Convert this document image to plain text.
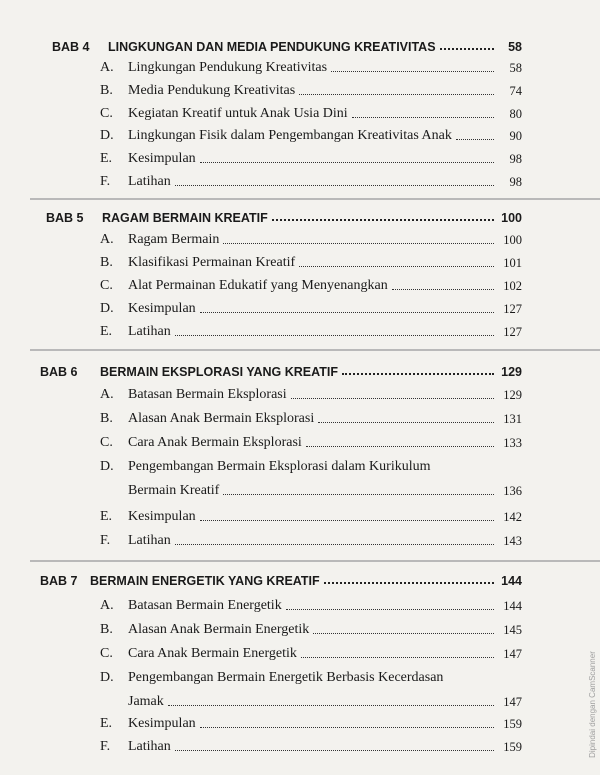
BAB 4	LINGKUNGAN DAN MEDIA PENDUKUNG KREATIVITAS	58
A.	Lingkungan Pendukung Kreativitas	58
B.	Media Pendukung Kreativitas	74
C.	Kegiatan Kreatif untuk Anak Usia Dini	80
D.	Lingkungan Fisik dalam Pengembangan Kreativitas Anak	90
E.	Kesimpulan	98
F.	Latihan	98
BAB 5	RAGAM BERMAIN KREATIF	100
A.	Ragam Bermain	100
B.	Klasifikasi Permainan Kreatif	101
C.	Alat Permainan Edukatif yang Menyenangkan	102
D.	Kesimpulan	127
E.	Latihan	127
BAB 6	BERMAIN EKSPLORASI YANG KREATIF	129
A.	Batasan Bermain Eksplorasi	129
B.	Alasan Anak Bermain Eksplorasi	131
C.	Cara Anak Bermain Eksplorasi	133
D.	Pengembangan Bermain Eksplorasi dalam Kurikulum
Bermain Kreatif	136
E.	Kesimpulan	142
F.	Latihan	143
BAB 7 BERMAIN ENERGETIK YANG KREATIF	144
A.	Batasan Bermain Energetik	144
B.	Alasan Anak Bermain Energetik	145
C.	Cara Anak Bermain Energetik	147
D.	Pengembangan Bermain Energetik Berbasis Kecerdasan
Jamak	147
E.	Kesimpulan	159
F.	Latihan	159	Dipindai dengan CamScanner
